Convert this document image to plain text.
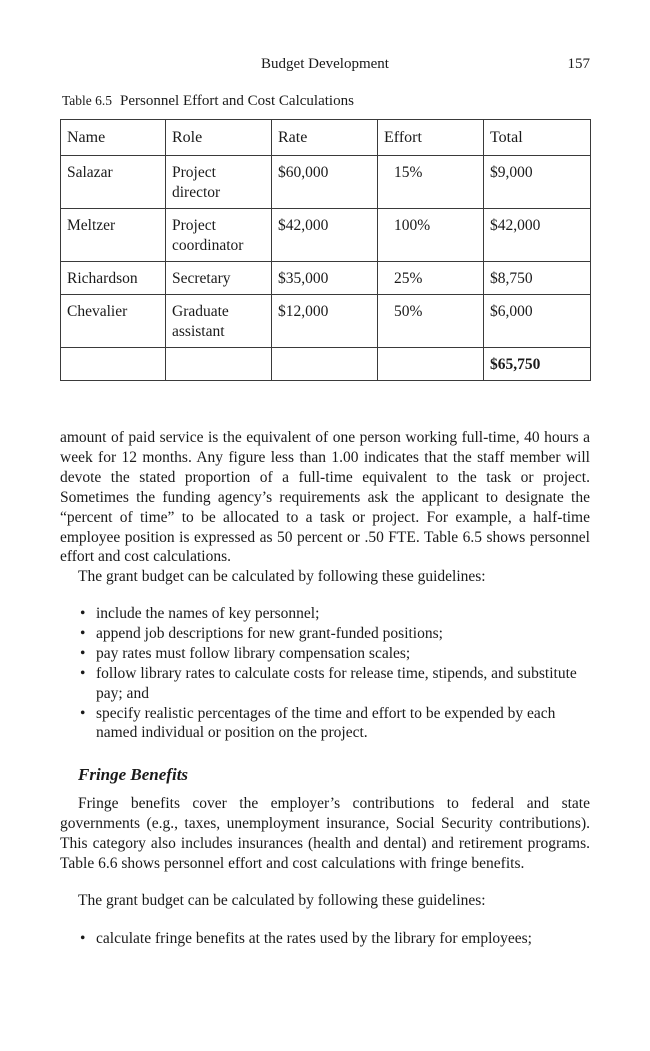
Budget Development	157
Table 6.5 Personnel Effort and Cost Calculations
Name	Role	Rate	Effort	Total
Salazar	Project director	$60,000	15%	$9,000
Meltzer	Project coordinator	$42,000	100%	$42,000
Richardson	Secretary	$35,000	25%	$8,750
Chevalier	Graduate assistant	$12,000	50%	$6,000
				$65,750

amount of paid service is the equivalent of one person working full-time, 40 hours a week for 12 months. Any figure less than 1.00 indicates that the staff member will devote the stated proportion of a full-time equivalent to the task or project. Sometimes the funding agency’s requirements ask the applicant to designate the “percent of time” to be allocated to a task or project. For example, a half-time employee position is expressed as 50 percent or .50 FTE. Table 6.5 shows personnel effort and cost calculations.

The grant budget can be calculated by following these guidelines:

• include the names of key personnel;
• append job descriptions for new grant-funded positions;
• pay rates must follow library compensation scales;
• follow library rates to calculate costs for release time, stipends, and substitute pay; and
• specify realistic percentages of the time and effort to be expended by each named individual or position on the project.
Fringe Benefits

Fringe benefits cover the employer’s contributions to federal and state governments (e.g., taxes, unemployment insurance, Social Security contributions). This category also includes insurances (health and dental) and retirement programs. Table 6.6 shows personnel effort and cost calculations with fringe benefits.

The grant budget can be calculated by following these guidelines:

• calculate fringe benefits at the rates used by the library for employees;
